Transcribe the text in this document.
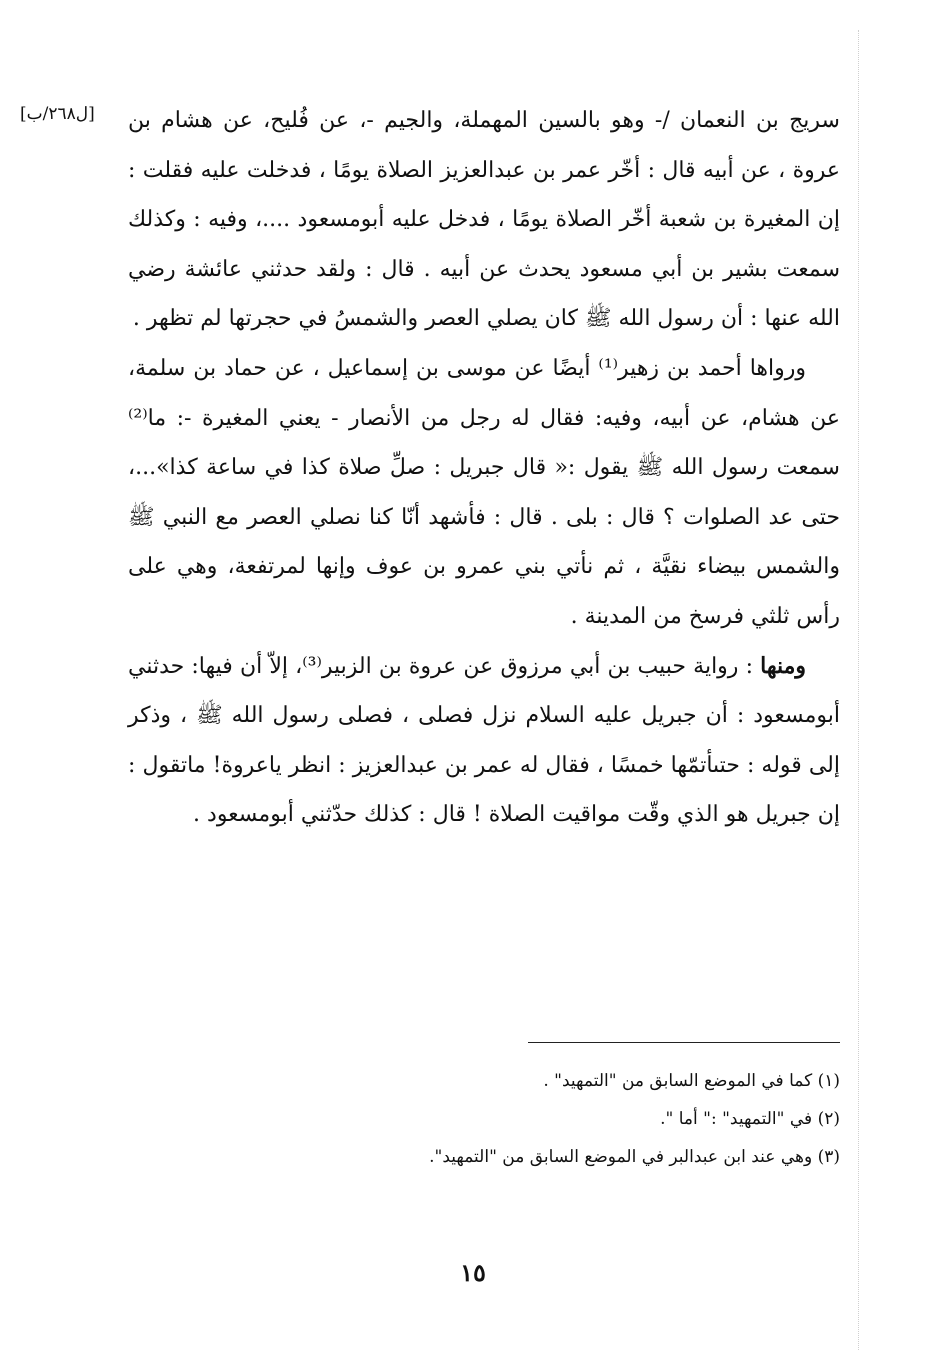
[ل٢٦٨/ب]	سريج بن النعمان /- وهو بالسين المهملة، والجيم -، عن فُليح، عن هشام بن عروة ، عن أبيه قال : أخّر عمر بن عبدالعزيز الصلاة يومًا ، فدخلت عليه فقلت : إن المغيرة بن شعبة أخّر الصلاة يومًا ، فدخل عليه أبومسعود ....، وفيه : وكذلك سمعت بشير بن أبي مسعود يحدث عن أبيه . قال : ولقد حدثني عائشة رضي الله عنها : أن رسول الله ﷺ كان يصلي العصر والشمسُ في حجرتها لم تظهر .

ورواها أحمد بن زهير⁽¹⁾ أيضًا عن موسى بن إسماعيل ، عن حماد بن سلمة، عن هشام، عن أبيه، وفيه: فقال له رجل من الأنصار - يعني المغيرة -: ما⁽²⁾ سمعت رسول الله ﷺ يقول :« قال جبريل : صلِّ صلاة كذا في ساعة كذا»...، حتى عد الصلوات ؟ قال : بلى . قال : فأشهد أنّا كنا نصلي العصر مع النبي ﷺ والشمس بيضاء نقيَّة ، ثم نأتي بني عمرو بن عوف وإنها لمرتفعة، وهي على رأس ثلثي فرسخ من المدينة .

ومنها : رواية حبيب بن أبي مرزوق عن عروة بن الزبير⁽³⁾، إلاّ أن فيها: حدثني أبومسعود : أن جبريل عليه السلام نزل فصلى ، فصلى رسول الله ﷺ ، وذكر إلى قوله : حتىأتمّها خمسًا ، فقال له عمر بن عبدالعزيز : انظر ياعروة! ماتقول : إن جبريل هو الذي وقّت مواقيت الصلاة ! قال : كذلك حدّثني أبومسعود .

(١) كما في الموضع السابق من "التمهيد" .
(٢) في "التمهيد" :" أما ".
(٣) وهي عند ابن عبدالبر في الموضع السابق من "التمهيد".
١٥
